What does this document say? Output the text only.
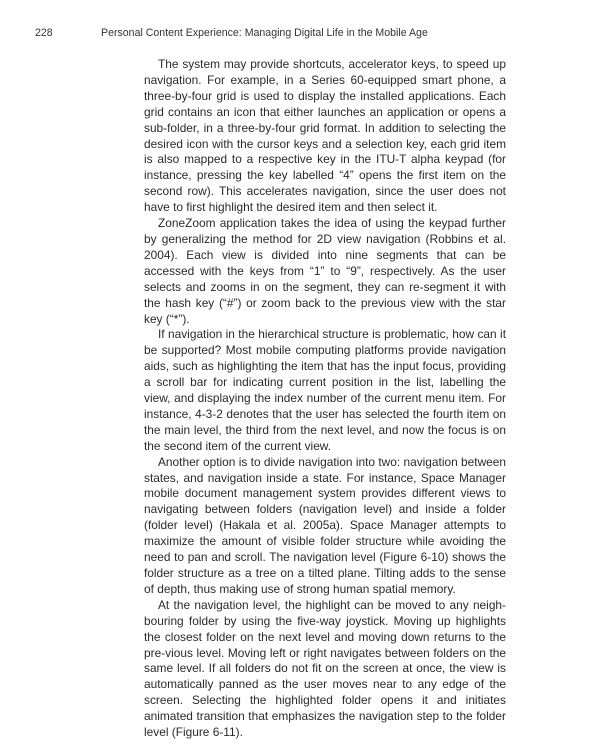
228	Personal Content Experience: Managing Digital Life in the Mobile Age

The system may provide shortcuts, accelerator keys, to speed up navigation. For example, in a Series 60-equipped smart phone, a three-by-four grid is used to display the installed applications. Each grid contains an icon that either launches an application or opens a sub-folder, in a three-by-four grid format. In addition to selecting the desired icon with the cursor keys and a selection key, each grid item is also mapped to a respective key in the ITU-T alpha keypad (for instance, pressing the key labelled “4” opens the first item on the second row). This accelerates navigation, since the user does not have to first highlight the desired item and then select it.

ZoneZoom application takes the idea of using the keypad further by generalizing the method for 2D view navigation (Robbins et al. 2004). Each view is divided into nine segments that can be accessed with the keys from “1” to “9”, respectively. As the user selects and zooms in on the segment, they can re-segment it with the hash key (“#”) or zoom back to the previous view with the star key (“*”).

If navigation in the hierarchical structure is problematic, how can it be supported? Most mobile computing platforms provide navigation aids, such as highlighting the item that has the input focus, providing a scroll bar for indicating current position in the list, labelling the view, and displaying the index number of the current menu item. For instance, 4-3-2 denotes that the user has selected the fourth item on the main level, the third from the next level, and now the focus is on the second item of the current view.

Another option is to divide navigation into two: navigation between states, and navigation inside a state. For instance, Space Manager mobile document management system provides different views to navigating between folders (navigation level) and inside a folder (folder level) (Hakala et al. 2005a). Space Manager attempts to maximize the amount of visible folder structure while avoiding the need to pan and scroll. The navigation level (Figure 6-10) shows the folder structure as a tree on a tilted plane. Tilting adds to the sense of depth, thus making use of strong human spatial memory.

At the navigation level, the highlight can be moved to any neigh-bouring folder by using the five-way joystick. Moving up highlights the closest folder on the next level and moving down returns to the pre-vious level. Moving left or right navigates between folders on the same level. If all folders do not fit on the screen at once, the view is automatically panned as the user moves near to any edge of the screen. Selecting the highlighted folder opens it and initiates animated transition that emphasizes the navigation step to the folder level (Figure 6-11).
